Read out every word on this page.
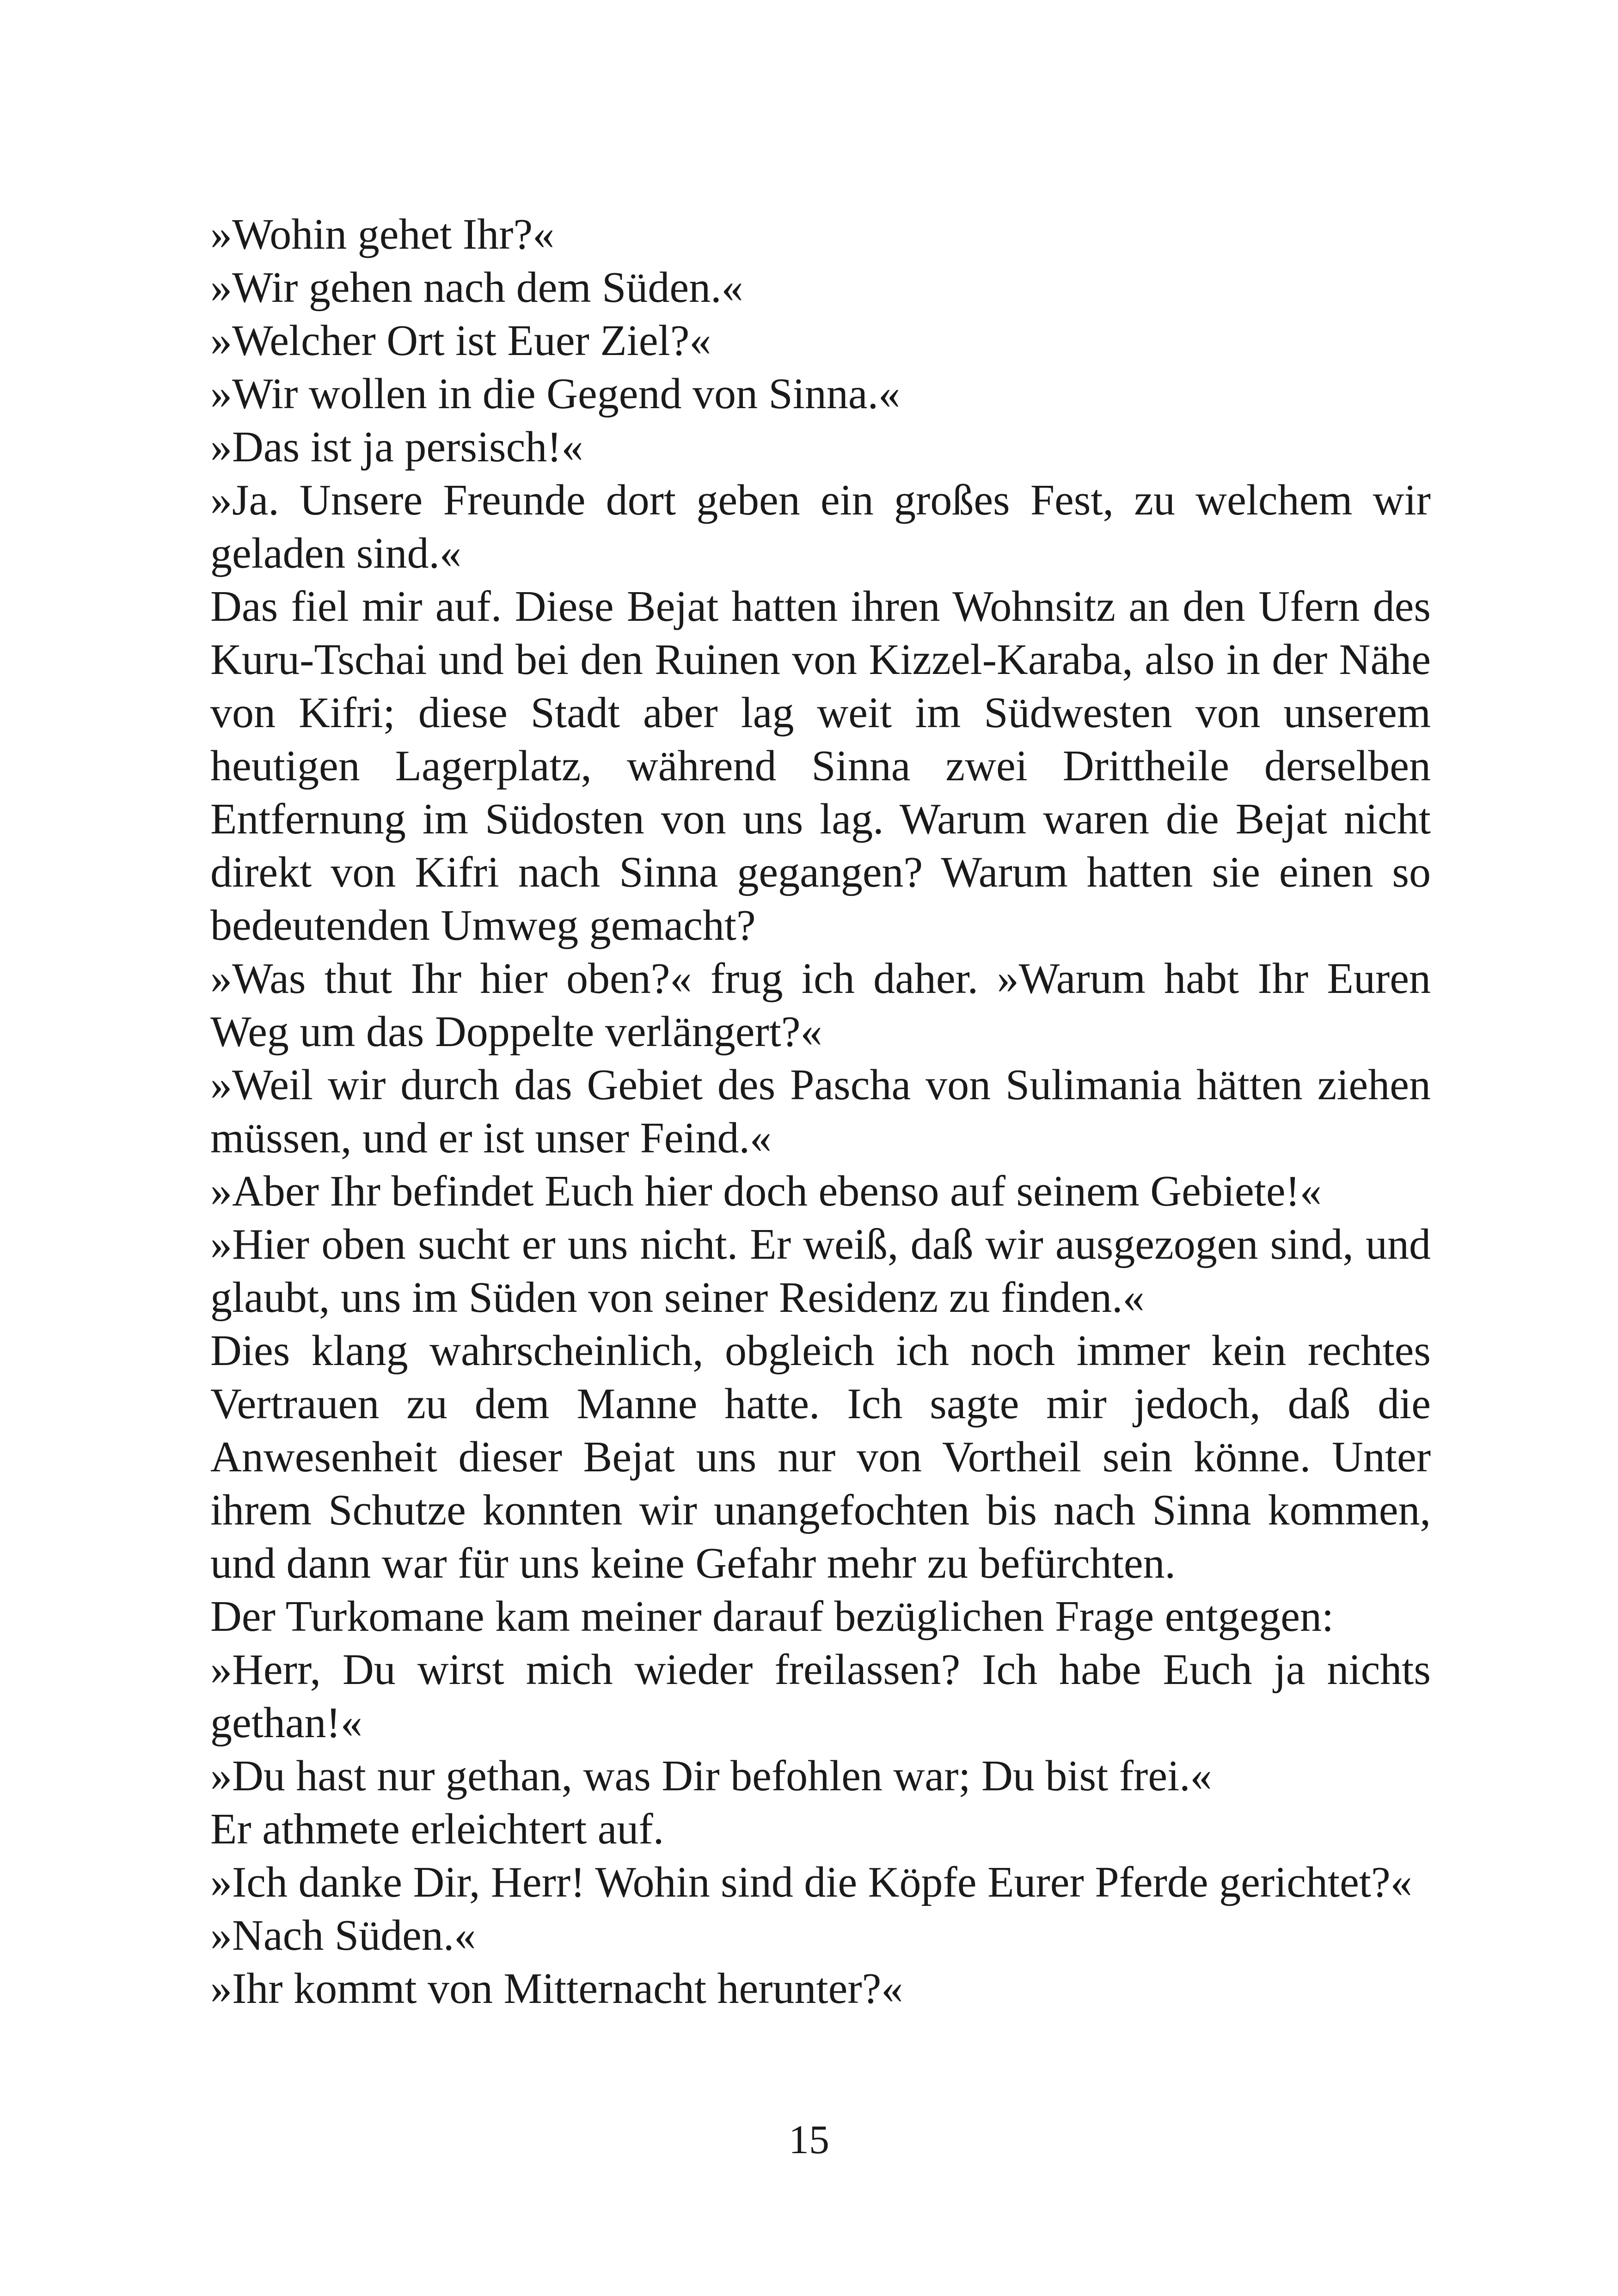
»Wohin gehet Ihr?«

»Wir gehen nach dem Süden.«

»Welcher Ort ist Euer Ziel?«

»Wir wollen in die Gegend von Sinna.«

»Das ist ja persisch!«

»Ja. Unsere Freunde dort geben ein großes Fest, zu welchem wir geladen sind.«

Das fiel mir auf. Diese Bejat hatten ihren Wohnsitz an den Ufern des Kuru-Tschai und bei den Ruinen von Kizzel-Karaba, also in der Nähe von Kifri; diese Stadt aber lag weit im Südwesten von unserem heutigen Lagerplatz, während Sinna zwei Drittheile derselben Entfernung im Südosten von uns lag. Warum waren die Bejat nicht direkt von Kifri nach Sinna gegangen? Warum hatten sie einen so bedeutenden Umweg gemacht?

»Was thut Ihr hier oben?« frug ich daher. »Warum habt Ihr Euren Weg um das Doppelte verlängert?«

»Weil wir durch das Gebiet des Pascha von Sulimania hätten ziehen müssen, und er ist unser Feind.«

»Aber Ihr befindet Euch hier doch ebenso auf seinem Gebiete!«

»Hier oben sucht er uns nicht. Er weiß, daß wir ausgezogen sind, und glaubt, uns im Süden von seiner Residenz zu finden.«

Dies klang wahrscheinlich, obgleich ich noch immer kein rechtes Vertrauen zu dem Manne hatte. Ich sagte mir jedoch, daß die Anwesenheit dieser Bejat uns nur von Vortheil sein könne. Unter ihrem Schutze konnten wir unangefochten bis nach Sinna kommen, und dann war für uns keine Gefahr mehr zu befürchten.

Der Turkomane kam meiner darauf bezüglichen Frage entgegen:

»Herr, Du wirst mich wieder freilassen? Ich habe Euch ja nichts gethan!«

»Du hast nur gethan, was Dir befohlen war; Du bist frei.«

Er athmete erleichtert auf.

»Ich danke Dir, Herr! Wohin sind die Köpfe Eurer Pferde gerichtet?«

»Nach Süden.«

»Ihr kommt von Mitternacht herunter?«

15
